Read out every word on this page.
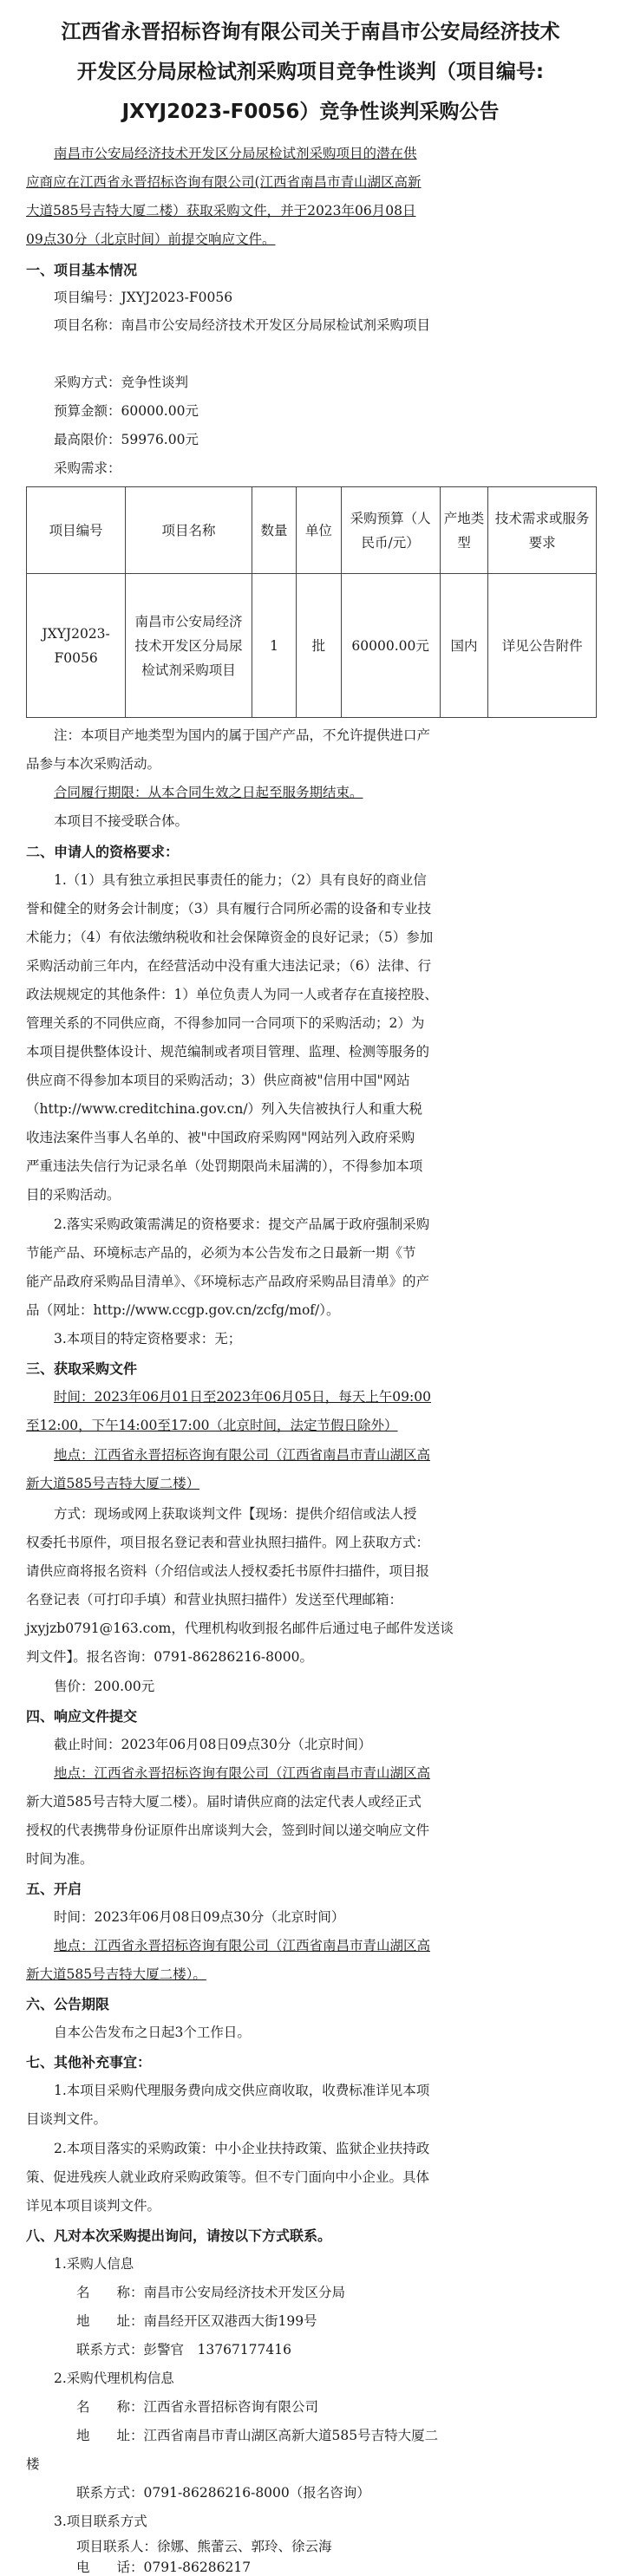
江西省永晋招标咨询有限公司关于南昌市公安局经济技术
开发区分局尿检试剂采购项目竞争性谈判（项目编号:
JXYJ2023-F0056）竞争性谈判采购公告
南昌市公安局经济技术开发区分局尿检试剂采购项目的潜在供
应商应在江西省永晋招标咨询有限公司(江西省南昌市青山湖区高新
大道585号吉特大厦二楼）获取采购文件，并于2023年06月08日
09点30分（北京时间）前提交响应文件。
一、项目基本情况
项目编号：JXYJ2023-F0056
项目名称：南昌市公安局经济技术开发区分局尿检试剂采购项目
采购方式：竞争性谈判
预算金额：60000.00元
最高限价：59976.00元
采购需求：
项目编号	项目名称	数量	单位	采购预算（人民币/元）	产地类型	技术需求或服务要求
JXYJ2023-F0056	南昌市公安局经济技术开发区分局尿检试剂采购项目	1	批	60000.00元	国内	详见公告附件
注：本项目产地类型为国内的属于国产产品，不允许提供进口产
品参与本次采购活动。
合同履行期限：从本合同生效之日起至服务期结束。
本项目不接受联合体。
二、申请人的资格要求：
1.（1）具有独立承担民事责任的能力；（2）具有良好的商业信
誉和健全的财务会计制度；（3）具有履行合同所必需的设备和专业技
术能力；（4）有依法缴纳税收和社会保障资金的良好记录；（5）参加
采购活动前三年内，在经营活动中没有重大违法记录；（6）法律、行
政法规规定的其他条件：1）单位负责人为同一人或者存在直接控股、
管理关系的不同供应商，不得参加同一合同项下的采购活动；2）为
本项目提供整体设计、规范编制或者项目管理、监理、检测等服务的
供应商不得参加本项目的采购活动；3）供应商被"信用中国"网站
（http://www.creditchina.gov.cn/）列入失信被执行人和重大税
收违法案件当事人名单的、被"中国政府采购网"网站列入政府采购
严重违法失信行为记录名单（处罚期限尚未届满的），不得参加本项
目的采购活动。
2.落实采购政策需满足的资格要求：提交产品属于政府强制采购
节能产品、环境标志产品的，必须为本公告发布之日最新一期《节
能产品政府采购品目清单》、《环境标志产品政府采购品目清单》的产
品（网址：http://www.ccgp.gov.cn/zcfg/mof/）。
3.本项目的特定资格要求：无；
三、获取采购文件
时间：2023年06月01日至2023年06月05日，每天上午09:00
至12:00，下午14:00至17:00（北京时间，法定节假日除外）
地点：江西省永晋招标咨询有限公司（江西省南昌市青山湖区高
新大道585号吉特大厦二楼）
方式：现场或网上获取谈判文件【现场：提供介绍信或法人授
权委托书原件，项目报名登记表和营业执照扫描件。网上获取方式：
请供应商将报名资料（介绍信或法人授权委托书原件扫描件，项目报
名登记表（可打印手填）和营业执照扫描件）发送至代理邮箱：
jxyjzb0791@163.com，代理机构收到报名邮件后通过电子邮件发送谈
判文件】。报名咨询：0791-86286216-8000。
售价：200.00元
四、响应文件提交
截止时间：2023年06月08日09点30分（北京时间）
地点：江西省永晋招标咨询有限公司（江西省南昌市青山湖区高
新大道585号吉特大厦二楼）。届时请供应商的法定代表人或经正式
授权的代表携带身份证原件出席谈判大会，签到时间以递交响应文件
时间为准。
五、开启
时间：2023年06月08日09点30分（北京时间）
地点：江西省永晋招标咨询有限公司（江西省南昌市青山湖区高
新大道585号吉特大厦二楼）。
六、公告期限
自本公告发布之日起3个工作日。
七、其他补充事宜：
1.本项目采购代理服务费向成交供应商收取，收费标准详见本项
目谈判文件。
2.本项目落实的采购政策：中小企业扶持政策、监狱企业扶持政
策、促进残疾人就业政府采购政策等。但不专门面向中小企业。具体
详见本项目谈判文件。
八、凡对本次采购提出询问，请按以下方式联系。
1.采购人信息
名　　称：南昌市公安局经济技术开发区分局
地　　址：南昌经开区双港西大街199号
联系方式：彭警官　13767177416
2.采购代理机构信息
名　　称：江西省永晋招标咨询有限公司
地　　址：江西省南昌市青山湖区高新大道585号吉特大厦二
楼
联系方式：0791-86286216-8000（报名咨询）
3.项目联系方式
项目联系人：徐娜、熊蕾云、郭玲、徐云海
电　　话：0791-86286217
